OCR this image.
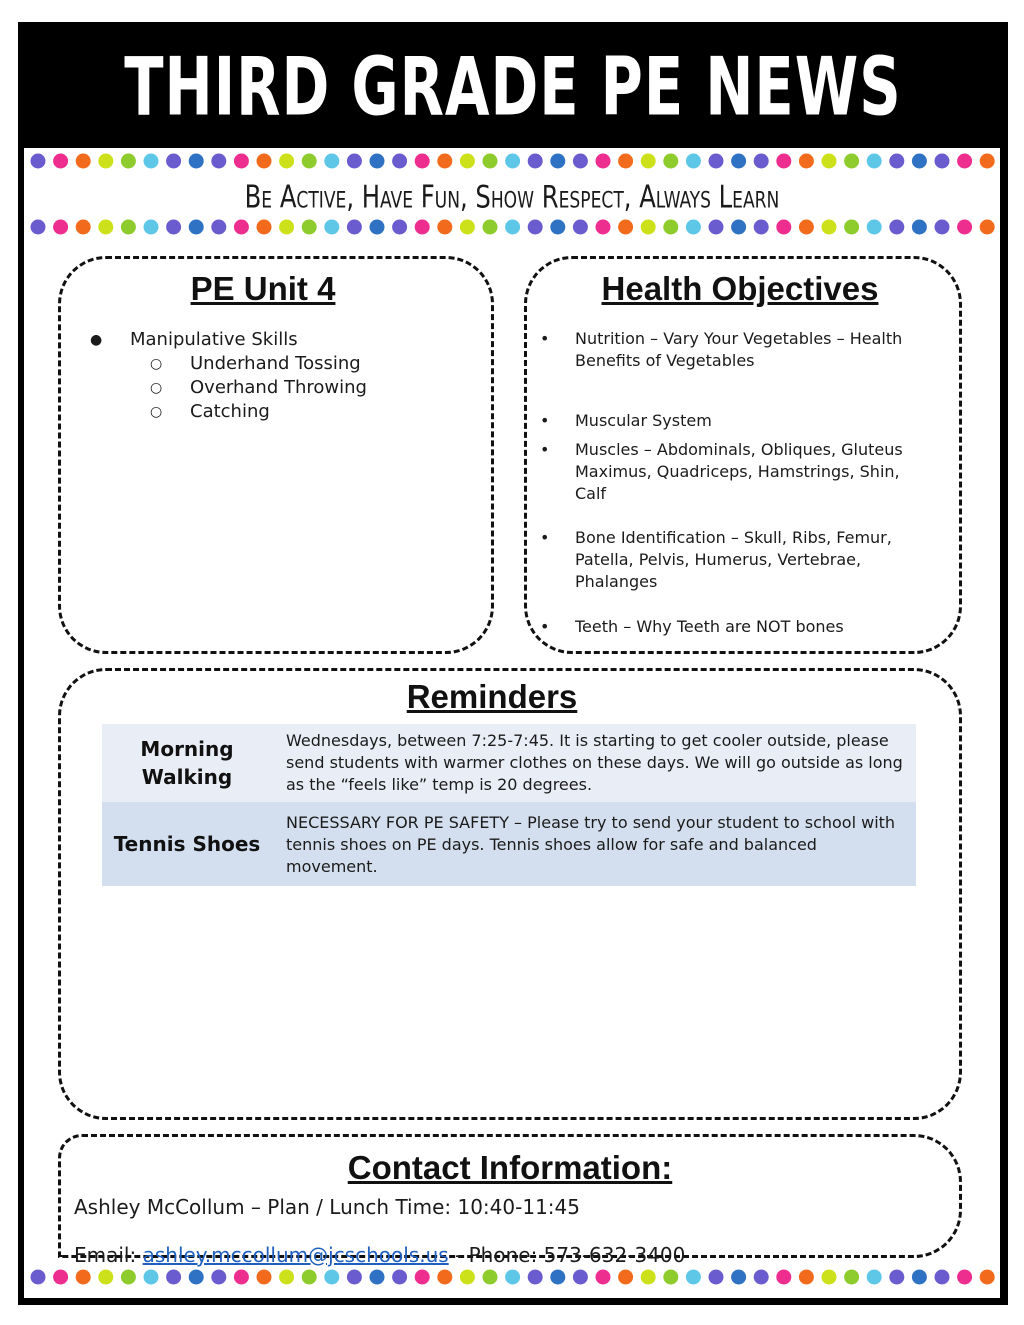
THIRD GRADE PE NEWS
Be Active, Have Fun, Show Respect, Always Learn
PE Unit 4
● Manipulative Skills
○ Underhand Tossing
○ Overhand Throwing
○ Catching
Health Objectives
• Nutrition – Vary Your Vegetables – Health Benefits of Vegetables
• Muscular System
• Muscles – Abdominals, Obliques, Gluteus Maximus, Quadriceps, Hamstrings, Shin, Calf
• Bone Identification – Skull, Ribs, Femur, Patella, Pelvis, Humerus, Vertebrae, Phalanges
• Teeth – Why Teeth are NOT bones
Reminders
Morning Walking
Wednesdays, between 7:25-7:45. It is starting to get cooler outside, please send students with warmer clothes on these days. We will go outside as long as the “feels like” temp is 20 degrees.
Tennis Shoes
NECESSARY FOR PE SAFETY – Please try to send your student to school with tennis shoes on PE days. Tennis shoes allow for safe and balanced movement.
Contact Information:
Ashley McCollum – Plan / Lunch Time: 10:40-11:45
Email: ashley.mccollum@jcschools.us - Phone: 573-632-3400
